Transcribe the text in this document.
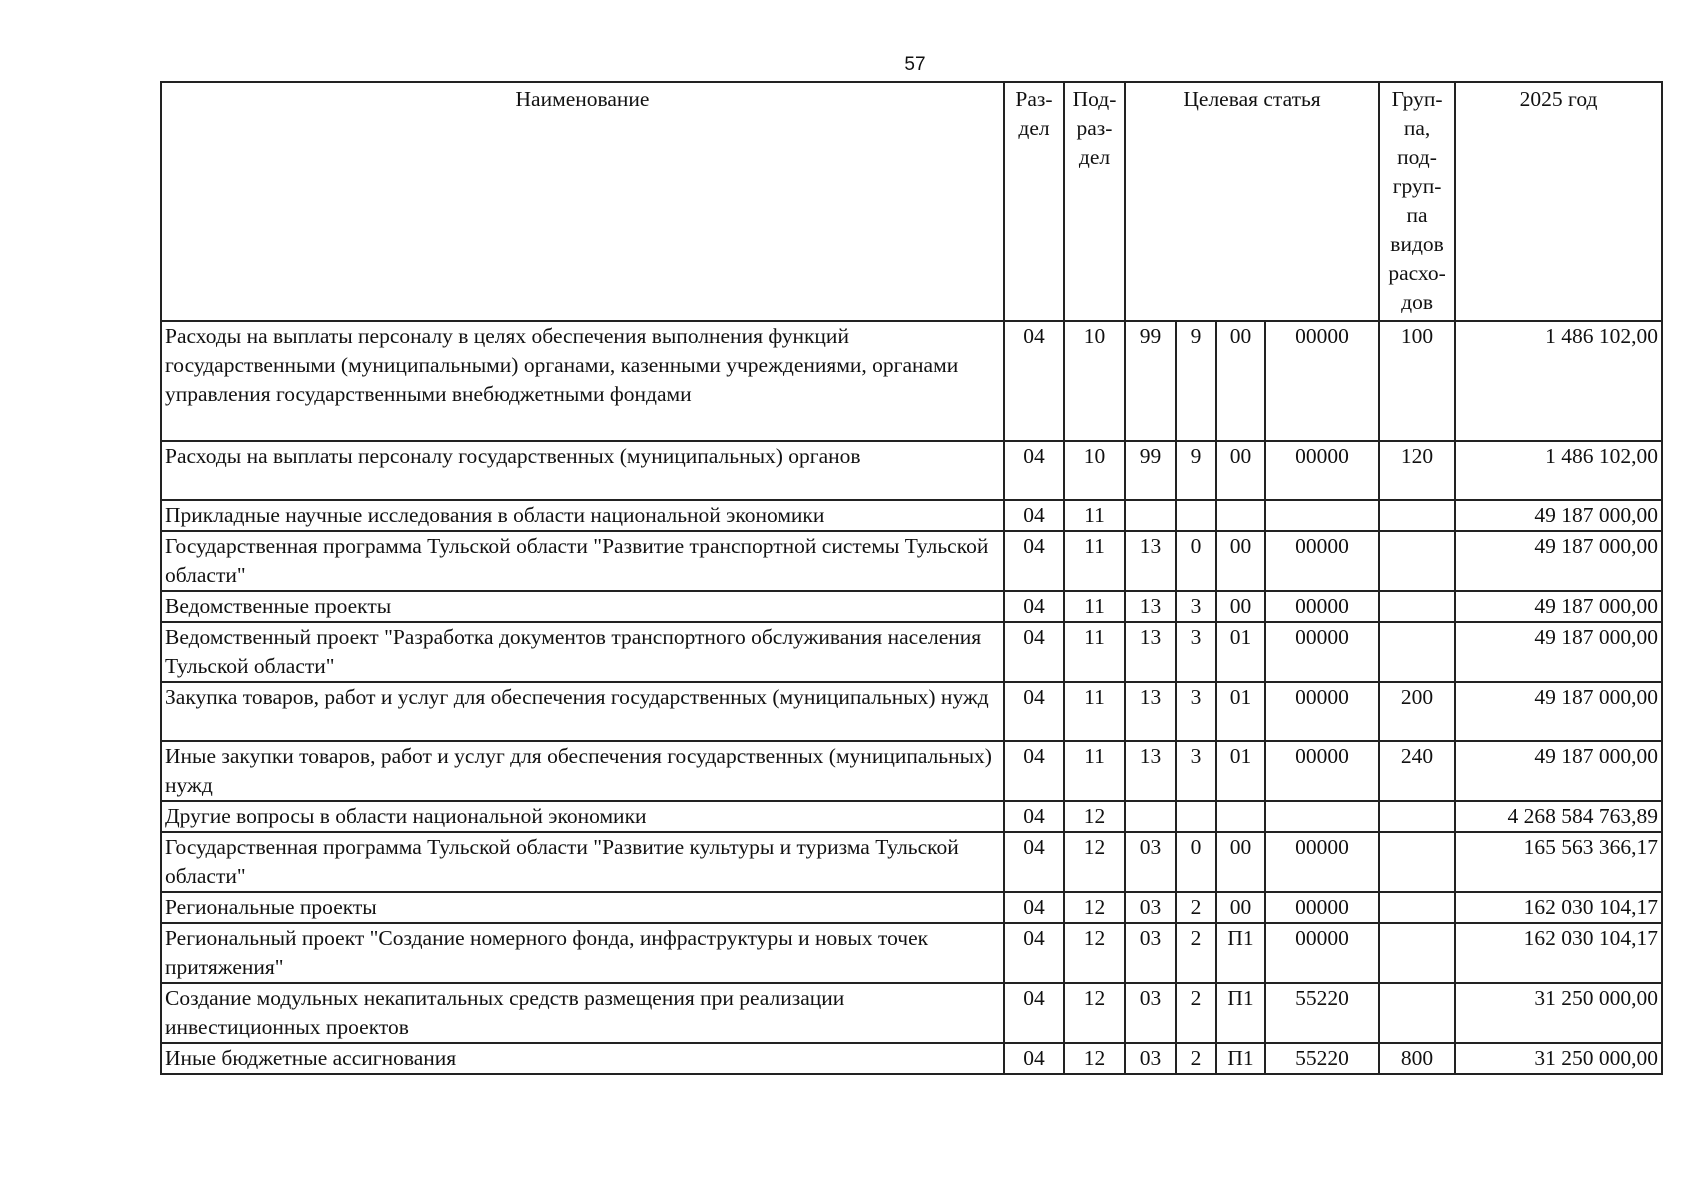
57
Наименование	Раз-дел	Под-раз-дел	Целевая статья				Груп-па, под-груп-па видов расхо-дов	2025 год
Расходы на выплаты персоналу в целях обеспечения выполнения функций государственными (муниципальными) органами, казенными учреждениями, органами управления государственными внебюджетными фондами	04	10	99	9	00	00000	100	1 486 102,00
Расходы на выплаты персоналу государственных (муниципальных) органов	04	10	99	9	00	00000	120	1 486 102,00
Прикладные научные исследования в области национальной экономики	04	11						49 187 000,00
Государственная программа Тульской области "Развитие транспортной системы Тульской области"	04	11	13	0	00	00000		49 187 000,00
Ведомственные проекты	04	11	13	3	00	00000		49 187 000,00
Ведомственный проект "Разработка документов транспортного обслуживания населения Тульской области"	04	11	13	3	01	00000		49 187 000,00
Закупка товаров, работ и услуг для обеспечения государственных (муниципальных) нужд	04	11	13	3	01	00000	200	49 187 000,00
Иные закупки товаров, работ и услуг для обеспечения государственных (муниципальных) нужд	04	11	13	3	01	00000	240	49 187 000,00
Другие вопросы в области национальной экономики	04	12						4 268 584 763,89
Государственная программа Тульской области "Развитие культуры и туризма Тульской области"	04	12	03	0	00	00000		165 563 366,17
Региональные проекты	04	12	03	2	00	00000		162 030 104,17
Региональный проект "Создание номерного фонда, инфраструктуры и новых точек притяжения"	04	12	03	2	П1	00000		162 030 104,17
Создание модульных некапитальных средств размещения при реализации инвестиционных проектов	04	12	03	2	П1	55220		31 250 000,00
Иные бюджетные ассигнования	04	12	03	2	П1	55220	800	31 250 000,00
